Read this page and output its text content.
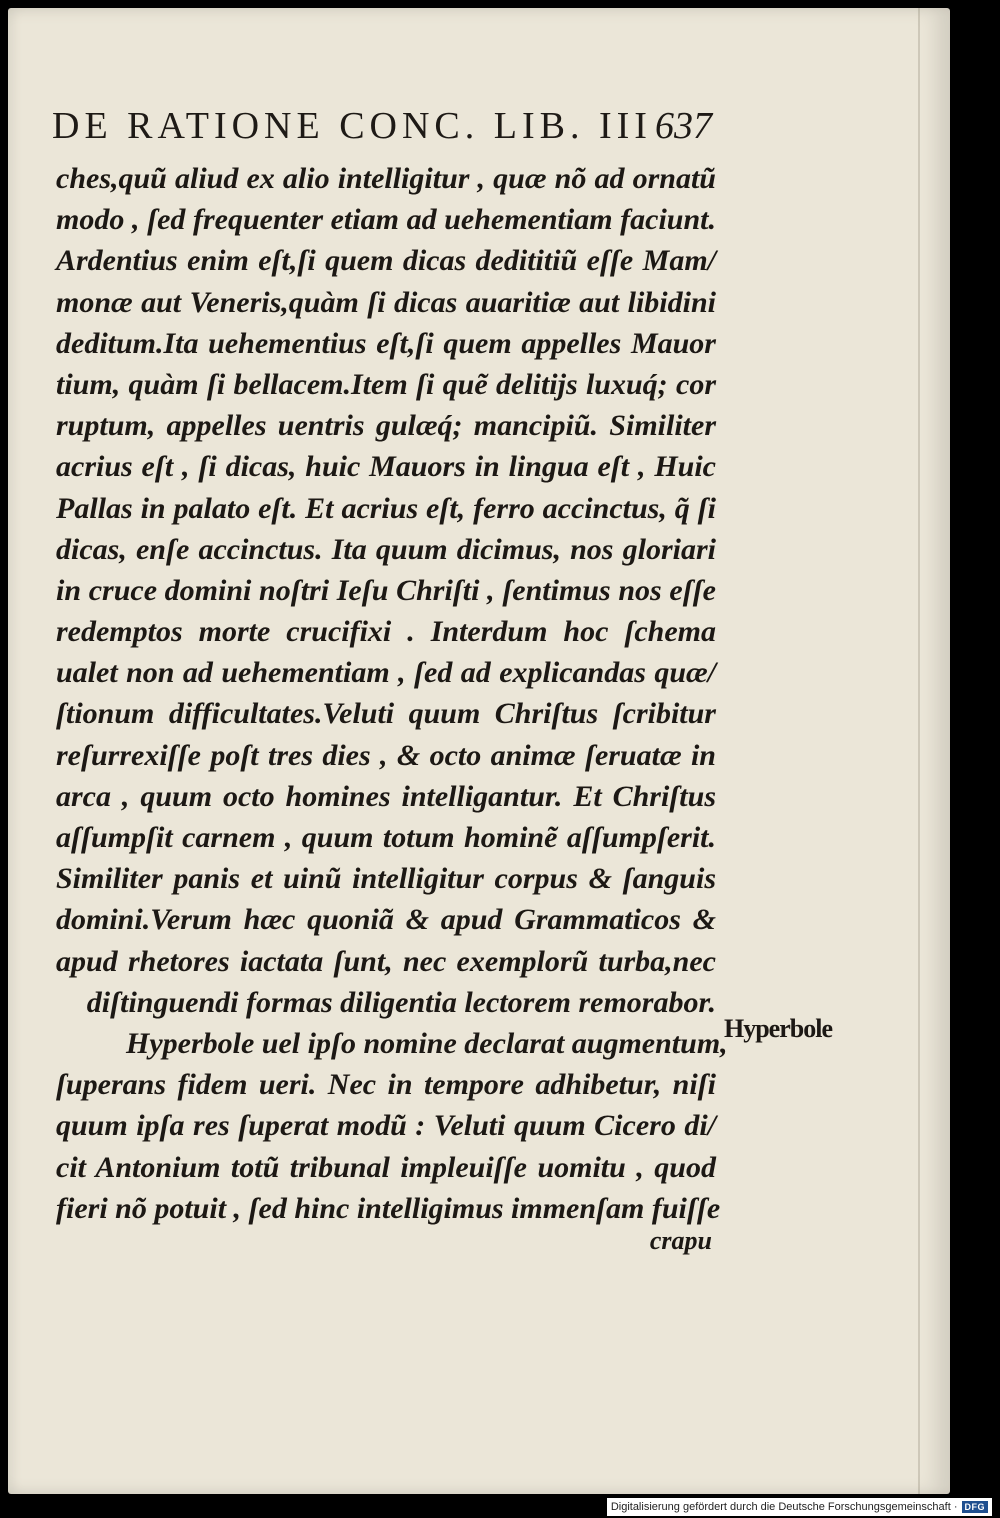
DE RATIONE CONC. LIB. III 637
ches,quũ aliud ex alio intelligitur , quæ nõ ad ornatũ
modo , ſed frequenter etiam ad uehementiam faciunt.
Ardentius enim eſt,ſi quem dicas dedititiũ eſſe Mam/
monæ aut Veneris,quàm ſi dicas auaritiæ aut libidini
deditum.Ita uehementius eſt,ſi quem appelles Mauor
tium, quàm ſi bellacem.Item ſi quẽ delitijs luxuq́; cor
ruptum, appelles uentris gulæq́; mancipiũ. Similiter
acrius eſt , ſi dicas, huic Mauors in lingua eſt , Huic
Pallas in palato eſt. Et acrius eſt, ferro accinctus, q̃ ſi
dicas, enſe accinctus. Ita quum dicimus, nos gloriari
in cruce domini noſtri Ieſu Chriſti , ſentimus nos eſſe
redemptos morte crucifixi . Interdum hoc ſchema
ualet non ad uehementiam , ſed ad explicandas quæ/
ſtionum difficultates.Veluti quum Chriſtus ſcribitur
reſurrexiſſe poſt tres dies , & octo animæ ſeruatæ in
arca , quum octo homines intelligantur. Et Chriſtus
aſſumpſit carnem , quum totum hominẽ aſſumpſerit.
Similiter panis et uinũ intelligitur corpus & ſanguis
domini.Verum hæc quoniã & apud Grammaticos &
apud rhetores iactata ſunt, nec exemplorũ turba,nec
diſtinguendi formas diligentia lectorem remorabor.
Hyperbole uel ipſo nomine declarat augmentum,
ſuperans fidem ueri. Nec in tempore adhibetur, niſi
quum ipſa res ſuperat modũ : Veluti quum Cicero di/
cit Antonium totũ tribunal impleuiſſe uomitu , quod
fieri nõ potuit , ſed hinc intelligimus immenſam fuiſſe
Hyperbole
crapu
Digitalisierung gefördert durch die Deutsche Forschungsgemeinschaft · DFG
